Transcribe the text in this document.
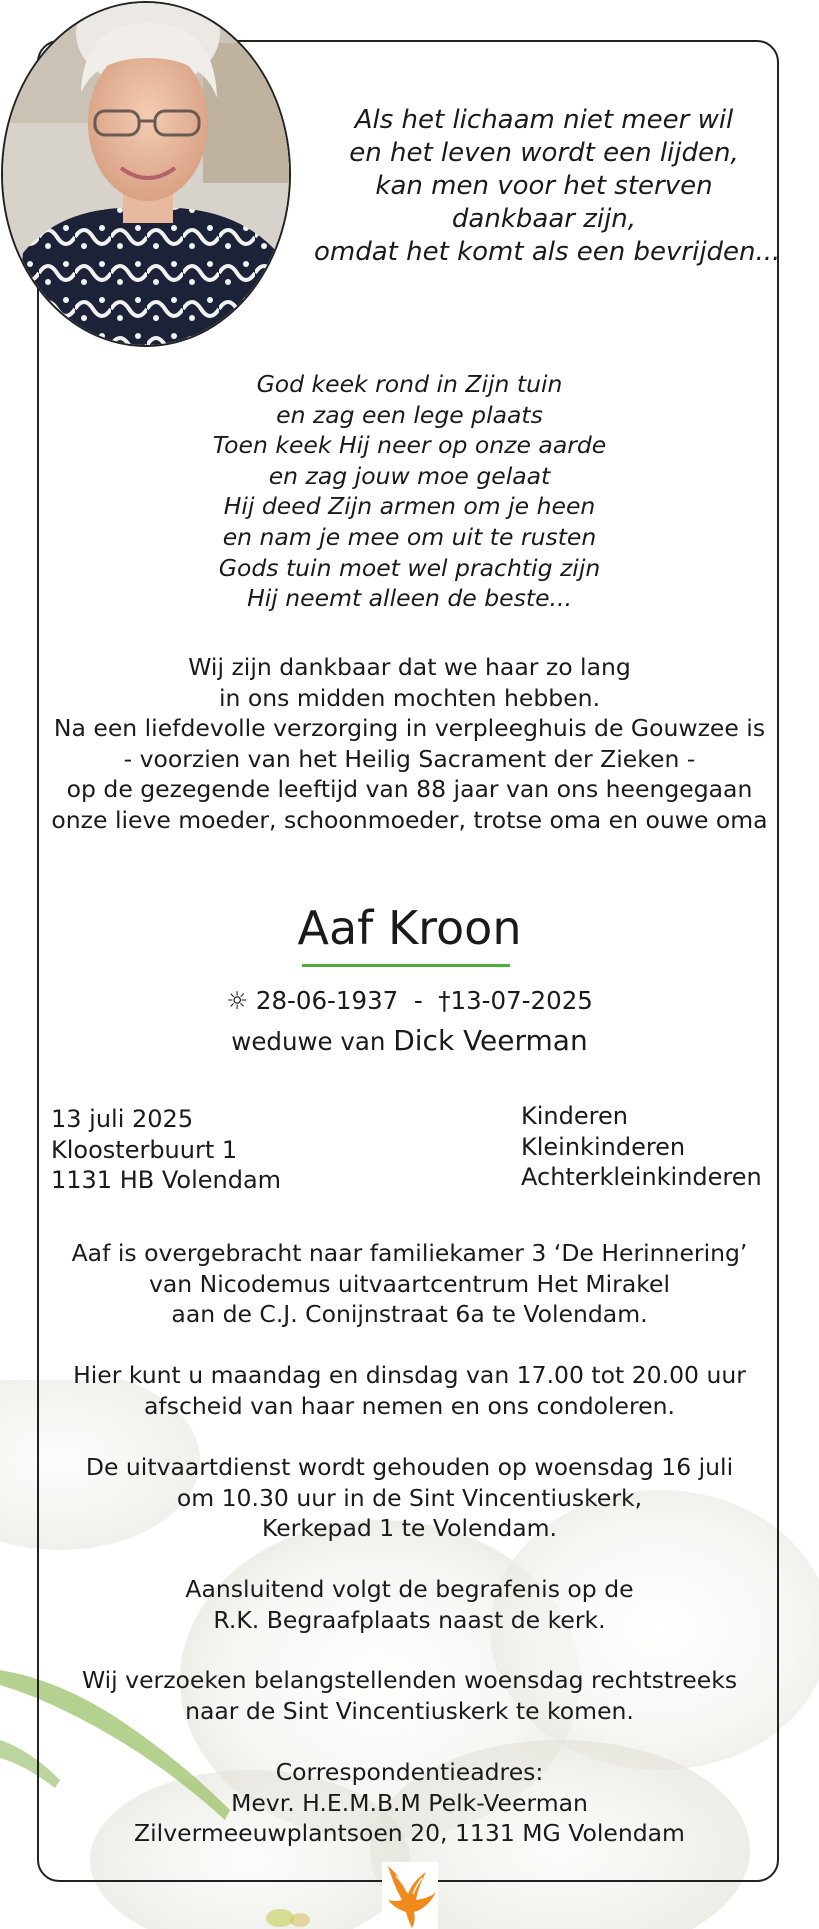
Als het lichaam niet meer wil
en het leven wordt een lijden,
kan men voor het sterven
dankbaar zijn,
omdat het komt als een bevrijden...
God keek rond in Zijn tuin
en zag een lege plaats
Toen keek Hij neer op onze aarde
en zag jouw moe gelaat
Hij deed Zijn armen om je heen
en nam je mee om uit te rusten
Gods tuin moet wel prachtig zijn
Hij neemt alleen de beste...
Wij zijn dankbaar dat we haar zo lang
in ons midden mochten hebben.
Na een liefdevolle verzorging in verpleeghuis de Gouwzee is
- voorzien van het Heilig Sacrament der Zieken -
op de gezegende leeftijd van 88 jaar van ons heengegaan
onze lieve moeder, schoonmoeder, trotse oma en ouwe oma
Aaf Kroon
☼ 28-06-1937 - †13-07-2025
weduwe van Dick Veerman
13 juli 2025
Kloosterbuurt 1
1131 HB Volendam
Kinderen
Kleinkinderen
Achterkleinkinderen
Aaf is overgebracht naar familiekamer 3 ‘De Herinnering’
van Nicodemus uitvaartcentrum Het Mirakel
aan de C.J. Conijnstraat 6a te Volendam.
Hier kunt u maandag en dinsdag van 17.00 tot 20.00 uur
afscheid van haar nemen en ons condoleren.
De uitvaartdienst wordt gehouden op woensdag 16 juli
om 10.30 uur in de Sint Vincentiuskerk,
Kerkepad 1 te Volendam.
Aansluitend volgt de begrafenis op de
R.K. Begraafplaats naast de kerk.
Wij verzoeken belangstellenden woensdag rechtstreeks
naar de Sint Vincentiuskerk te komen.
Correspondentieadres:
Mevr. H.E.M.B.M Pelk-Veerman
Zilvermeeuwplantsoen 20, 1131 MG Volendam
